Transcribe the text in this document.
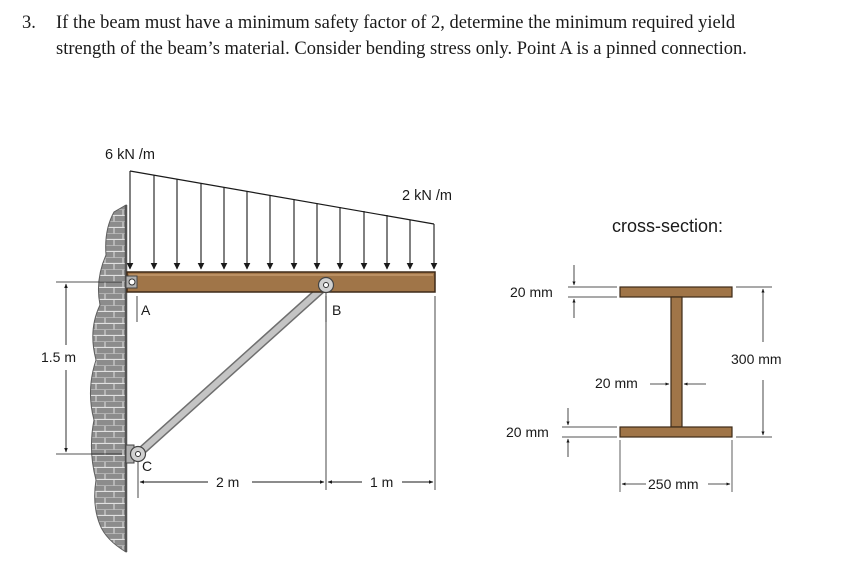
3.	If the beam must have a minimum safety factor of 2, determine the minimum required yield
strength of the beam’s material. Consider bending stress only. Point A is a pinned connection.
6 kN /m
2 kN /m
A	B
C
1.5 m
2 m	1 m
cross-section:
20 mm
20 mm
20 mm
300 mm
250 mm
